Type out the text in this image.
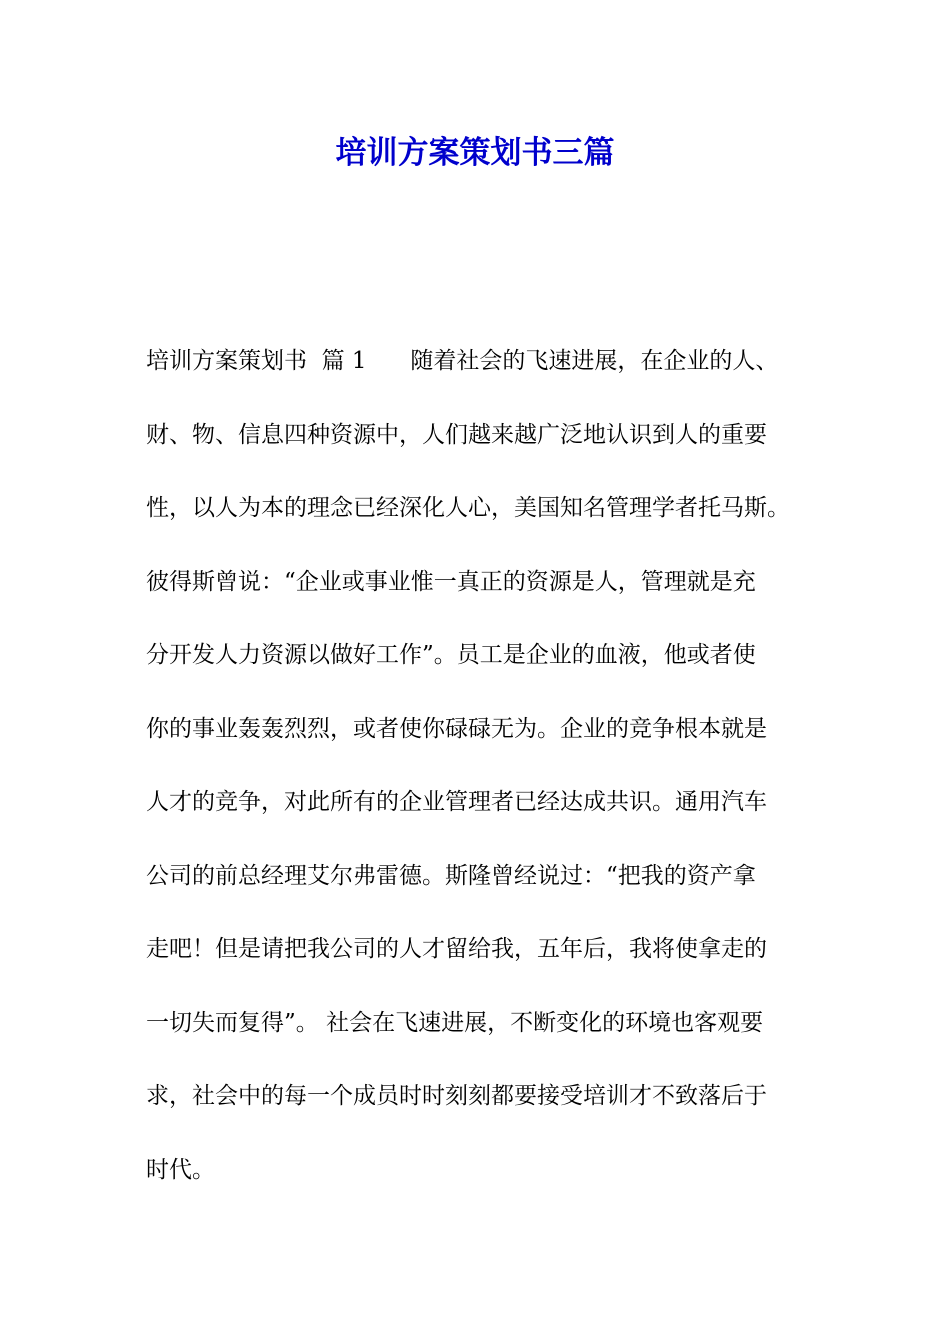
培训方案策划书三篇
培训方案策划书  篇 1      随着社会的飞速进展，在企业的人、
财、物、信息四种资源中，人们越来越广泛地认识到人的重要
性，以人为本的理念已经深化人心，美国知名管理学者托马斯。
彼得斯曾说：“企业或事业惟一真正的资源是人，管理就是充
分开发人力资源以做好工作”。员工是企业的血液，他或者使
你的事业轰轰烈烈，或者使你碌碌无为。企业的竞争根本就是
人才的竞争，对此所有的企业管理者已经达成共识。通用汽车
公司的前总经理艾尔弗雷德。斯隆曾经说过：“把我的资产拿
走吧！但是请把我公司的人才留给我，五年后，我将使拿走的
一切失而复得”。 社会在飞速进展，不断变化的环境也客观要
求，社会中的每一个成员时时刻刻都要接受培训才不致落后于
时代。
